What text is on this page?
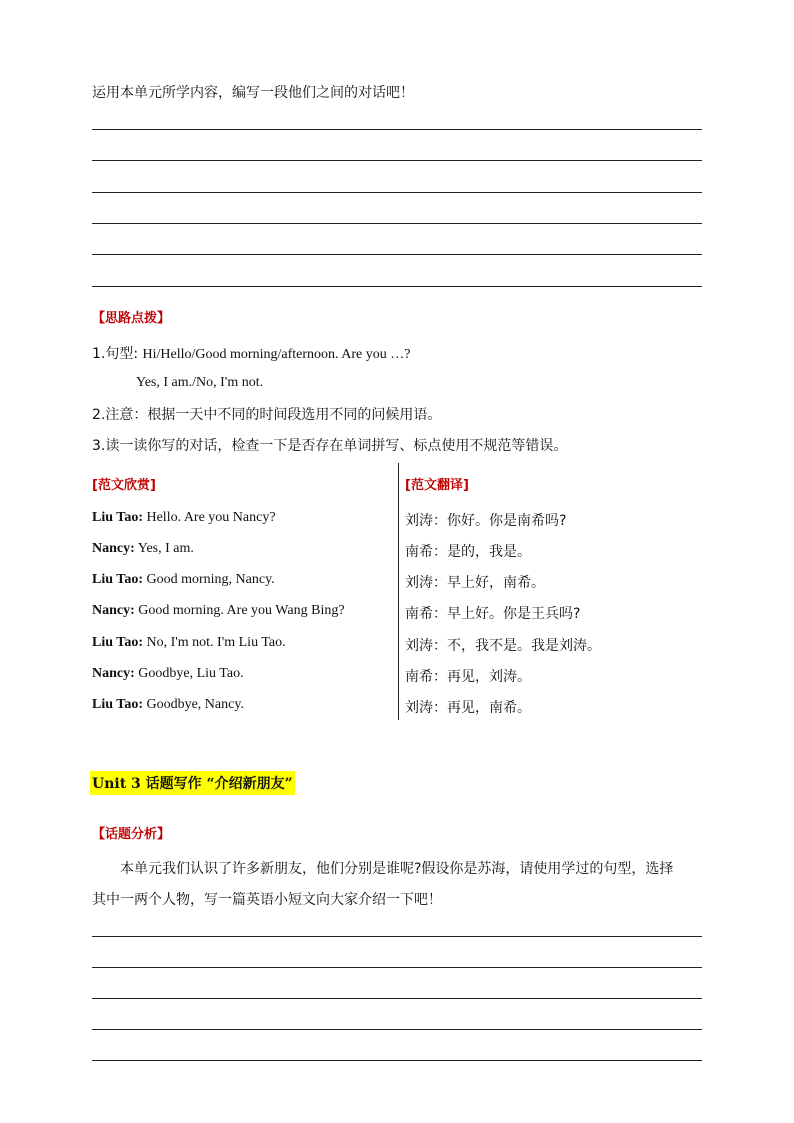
运用本单元所学内容，编写一段他们之间的对话吧！
【思路点拨】
1.句型: Hi/Hello/Good morning/afternoon. Are you …?
Yes, I am./No, I'm not.
2.注意：根据一天中不同的时间段选用不同的问候用语。
3.读一读你写的对话，检查一下是否存在单词拼写、标点使用不规范等错误。
[范文欣赏]	[范文翻译]
Liu Tao: Hello. Are you Nancy?
Nancy: Yes, I am.
Liu Tao: Good morning, Nancy.
Nancy: Good morning. Are you Wang Bing?
Liu Tao: No, I'm not. I'm Liu Tao.
Nancy: Goodbye, Liu Tao.
Liu Tao: Goodbye, Nancy.
刘涛：你好。你是南希吗?
南希：是的，我是。
刘涛：早上好，南希。
南希：早上好。你是王兵吗?
刘涛：不，我不是。我是刘涛。
南希：再见，刘涛。
刘涛：再见，南希。
Unit 3 话题写作 “介绍新朋友”
【话题分析】
本单元我们认识了许多新朋友，他们分别是谁呢?假设你是苏海，请使用学过的句型，选择
其中一两个人物，写一篇英语小短文向大家介绍一下吧！
